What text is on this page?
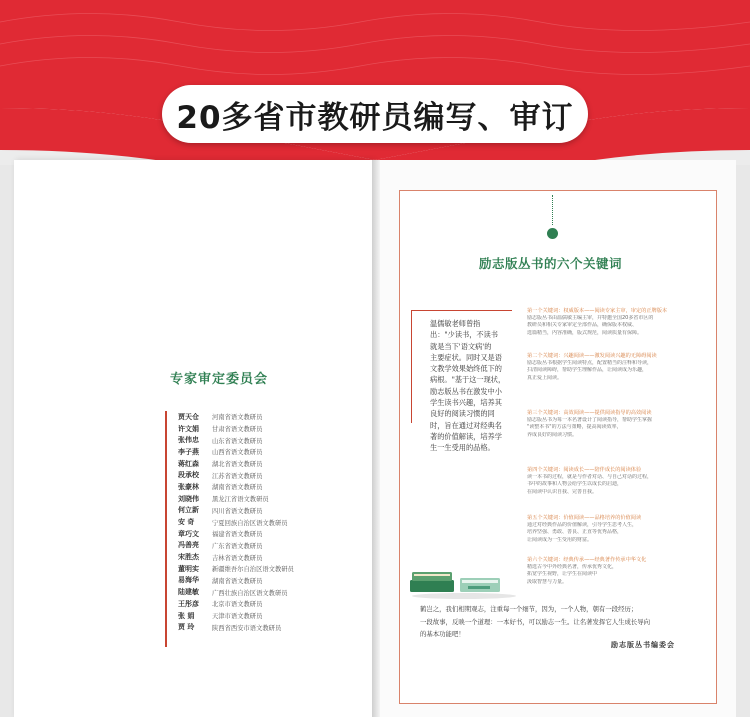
20多省市教研员编写、审订
专家审定委员会
贾天仓	河南省语文教研员
许文娟	甘肃省语文教研员
张伟忠	山东省语文教研员
李子燕	山西省语文教研员
蒋红森	湖北省语文教研员
段承校	江苏省语文教研员
张豪林	湖南省语文教研员
刘晓伟	黑龙江省语文教研员
何立新	四川省语文教研员
安 奇	宁夏回族自治区语文教研员
章巧文	福建省语文教研员
冯善亮	广东省语文教研员
宋胜杰	吉林省语文教研员
董明实	新疆维吾尔自治区语文教研员
易海华	湖南省语文教研员
陆建敏	广西壮族自治区语文教研员
王彤彦	北京市语文教研员
张 娟	天津市语文教研员
贾 玲	陕西省西安市语文教研员
励志版丛书的六个关键词
温儒敏老师曾指
出："少读书，不读书
就是当下'语文病'的
主要症状。同时又是语
文教学效果始终低下的
病根。"基于这一现状，
励志版丛书在激发中小
学生读书兴趣，培养其
良好的阅读习惯的同
时，旨在通过对经典名
著的价值解读，培养学
生一生受用的品格。
第一个关键词：权威版本——阅读专家主审，审定的正牌版本
励志版丛书由温儒敏主编主审，并特邀全国20多省市区的
教研员和相关专家审定全部作品，确保版本权威、
选篇精当，内容准确，版式规范，阅读质量有保障。
第二个关键词：兴趣阅读——激发阅读兴趣的无障碍阅读
励志版丛书根据学生阅读特点，配置精当的注释和导读，
扫清阅读障碍，帮助学生理解作品，让阅读成为乐趣，
真正爱上阅读。
第三个关键词：高效阅读——提供阅读指导的高效阅读
励志版丛书为每一本名著设计了阅读指导，帮助学生掌握
"读整本书"的方法与策略，提高阅读效率，
养成良好的阅读习惯。
第四个关键词：阅读成长——陪伴成长的阅读体验
读一本书的过程，就是与作者对话、与自己对话的过程，
书中的故事和人物会给学生以成长的启迪，
在阅读中认识自我、完善自我。
第五个关键词：价值阅读——品格培养的价值阅读
通过对经典作品的价值解读，引导学生思考人生，
培养坚强、勇敢、善良、正直等优秀品格，
让阅读成为一生受用的财富。
第六个关键词：经典传承——经典著作传承中华文化
精选古今中外经典名著，传承优秀文化，
拓宽学生视野，让学生在阅读中
汲取智慧与力量。
鹤岂之，我们相期观志，注重每一个细节，因为，一个人物，朝有一段经历；
一段故事，反映一个道理：一本好书，可以励志一生。让名著发挥它人生成长导向
的基本功能吧！
励志版丛书编委会
